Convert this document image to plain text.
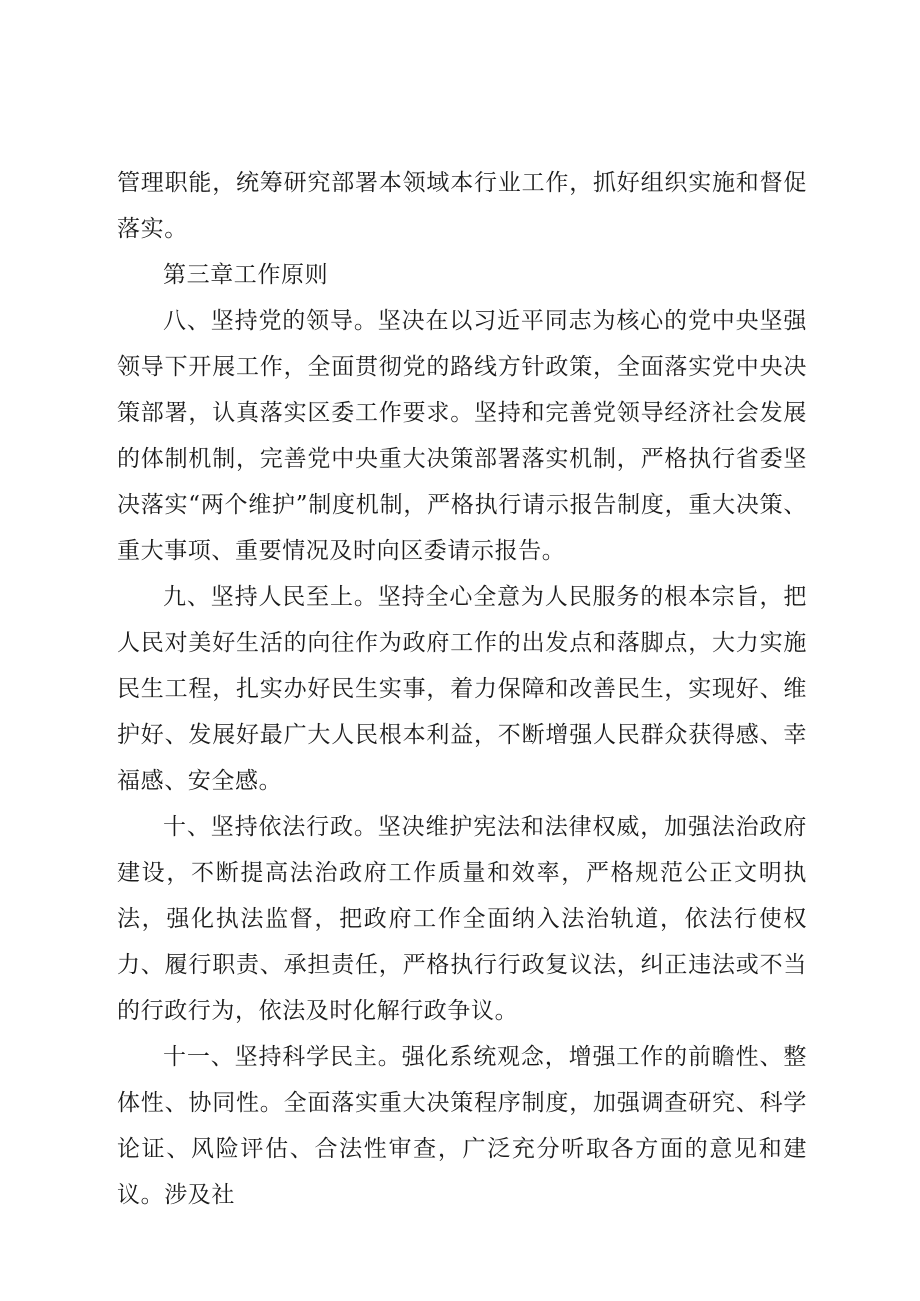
管理职能，统筹研究部署本领域本行业工作，抓好组织实施和督促落实。

第三章工作原则

八、坚持党的领导。坚决在以习近平同志为核心的党中央坚强领导下开展工作，全面贯彻党的路线方针政策，全面落实党中央决策部署，认真落实区委工作要求。坚持和完善党领导经济社会发展的体制机制，完善党中央重大决策部署落实机制，严格执行省委坚决落实“两个维护”制度机制，严格执行请示报告制度，重大决策、重大事项、重要情况及时向区委请示报告。

九、坚持人民至上。坚持全心全意为人民服务的根本宗旨，把人民对美好生活的向往作为政府工作的出发点和落脚点，大力实施民生工程，扎实办好民生实事，着力保障和改善民生，实现好、维护好、发展好最广大人民根本利益，不断增强人民群众获得感、幸福感、安全感。

十、坚持依法行政。坚决维护宪法和法律权威，加强法治政府建设，不断提高法治政府工作质量和效率，严格规范公正文明执法，强化执法监督，把政府工作全面纳入法治轨道，依法行使权力、履行职责、承担责任，严格执行行政复议法，纠正违法或不当的行政行为，依法及时化解行政争议。

十一、坚持科学民主。强化系统观念，增强工作的前瞻性、整体性、协同性。全面落实重大决策程序制度，加强调查研究、科学论证、风险评估、合法性审查，广泛充分听取各方面的意见和建议。涉及社
